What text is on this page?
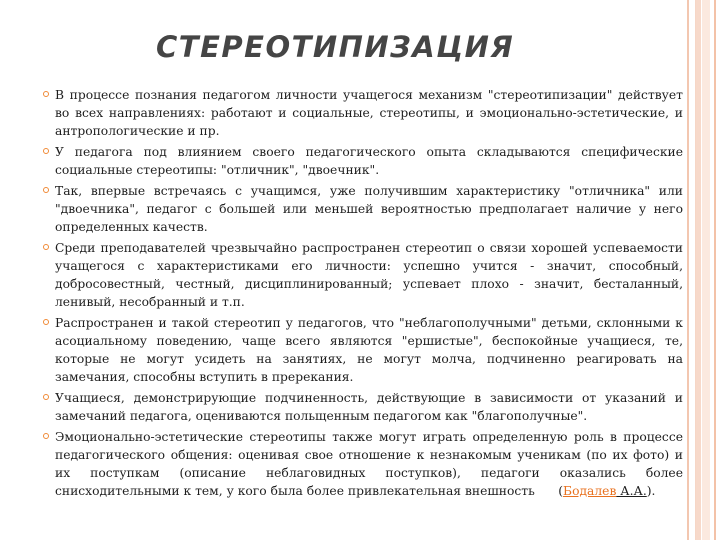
СТЕРЕОТИПИЗАЦИЯ
В процессе познания педагогом личности учащегося механизм "стереотипизации" действует во всех направлениях: работают и социальные, стереотипы, и эмоционально-эстетические, и антропологические и пр.
У педагога под влиянием своего педагогического опыта складываются специфические социальные стереотипы: "отличник", "двоечник".
Так, впервые встречаясь с учащимся, уже получившим характеристику "отличника" или "двоечника", педагог с большей или меньшей вероятностью предполагает наличие у него определенных качеств.
Среди преподавателей чрезвычайно распространен стереотип о связи хорошей успеваемости учащегося с характеристиками его личности: успешно учится - значит, способный, добросовестный, честный, дисциплинированный; успевает плохо - значит, бесталанный, ленивый, несобранный и т.п.
Распространен и такой стереотип у педагогов, что "неблагополучными" детьми, склонными к асоциальному поведению, чаще всего являются "ершистые", беспокойные учащиеся, те, которые не могут усидеть на занятиях, не могут молча, подчиненно реагировать на замечания, способны вступить в пререкания.
Учащиеся, демонстрирующие подчиненность, действующие в зависимости от указаний и замечаний педагога, оцениваются польщенным педагогом как "благополучные".
Эмоционально-эстетические стереотипы также могут играть определенную роль в процессе педагогического общения: оценивая свое отношение к незнакомым ученикам (по их фото) и их поступкам (описание неблаговидных поступков), педагоги оказались более снисходительными к тем, у кого была более привлекательная внешность (Бодалев А.А.).
